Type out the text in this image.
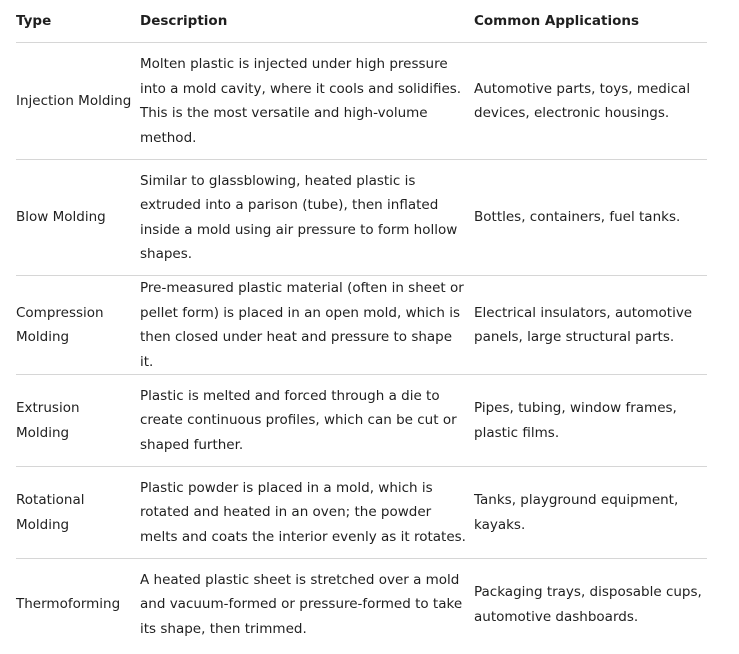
Type	Description	Common Applications
Injection Molding	Molten plastic is injected under high pressure into a mold cavity, where it cools and solidifies. This is the most versatile and high-volume method.	Automotive parts, toys, medical devices, electronic housings.
Blow Molding	Similar to glassblowing, heated plastic is extruded into a parison (tube), then inflated inside a mold using air pressure to form hollow shapes.	Bottles, containers, fuel tanks.
Compression Molding	Pre-measured plastic material (often in sheet or pellet form) is placed in an open mold, which is then closed under heat and pressure to shape it.	Electrical insulators, automotive panels, large structural parts.
Extrusion Molding	Plastic is melted and forced through a die to create continuous profiles, which can be cut or shaped further.	Pipes, tubing, window frames, plastic films.
Rotational Molding	Plastic powder is placed in a mold, which is rotated and heated in an oven; the powder melts and coats the interior evenly as it rotates.	Tanks, playground equipment, kayaks.
Thermoforming	A heated plastic sheet is stretched over a mold and vacuum-formed or pressure-formed to take its shape, then trimmed.	Packaging trays, disposable cups, automotive dashboards.
